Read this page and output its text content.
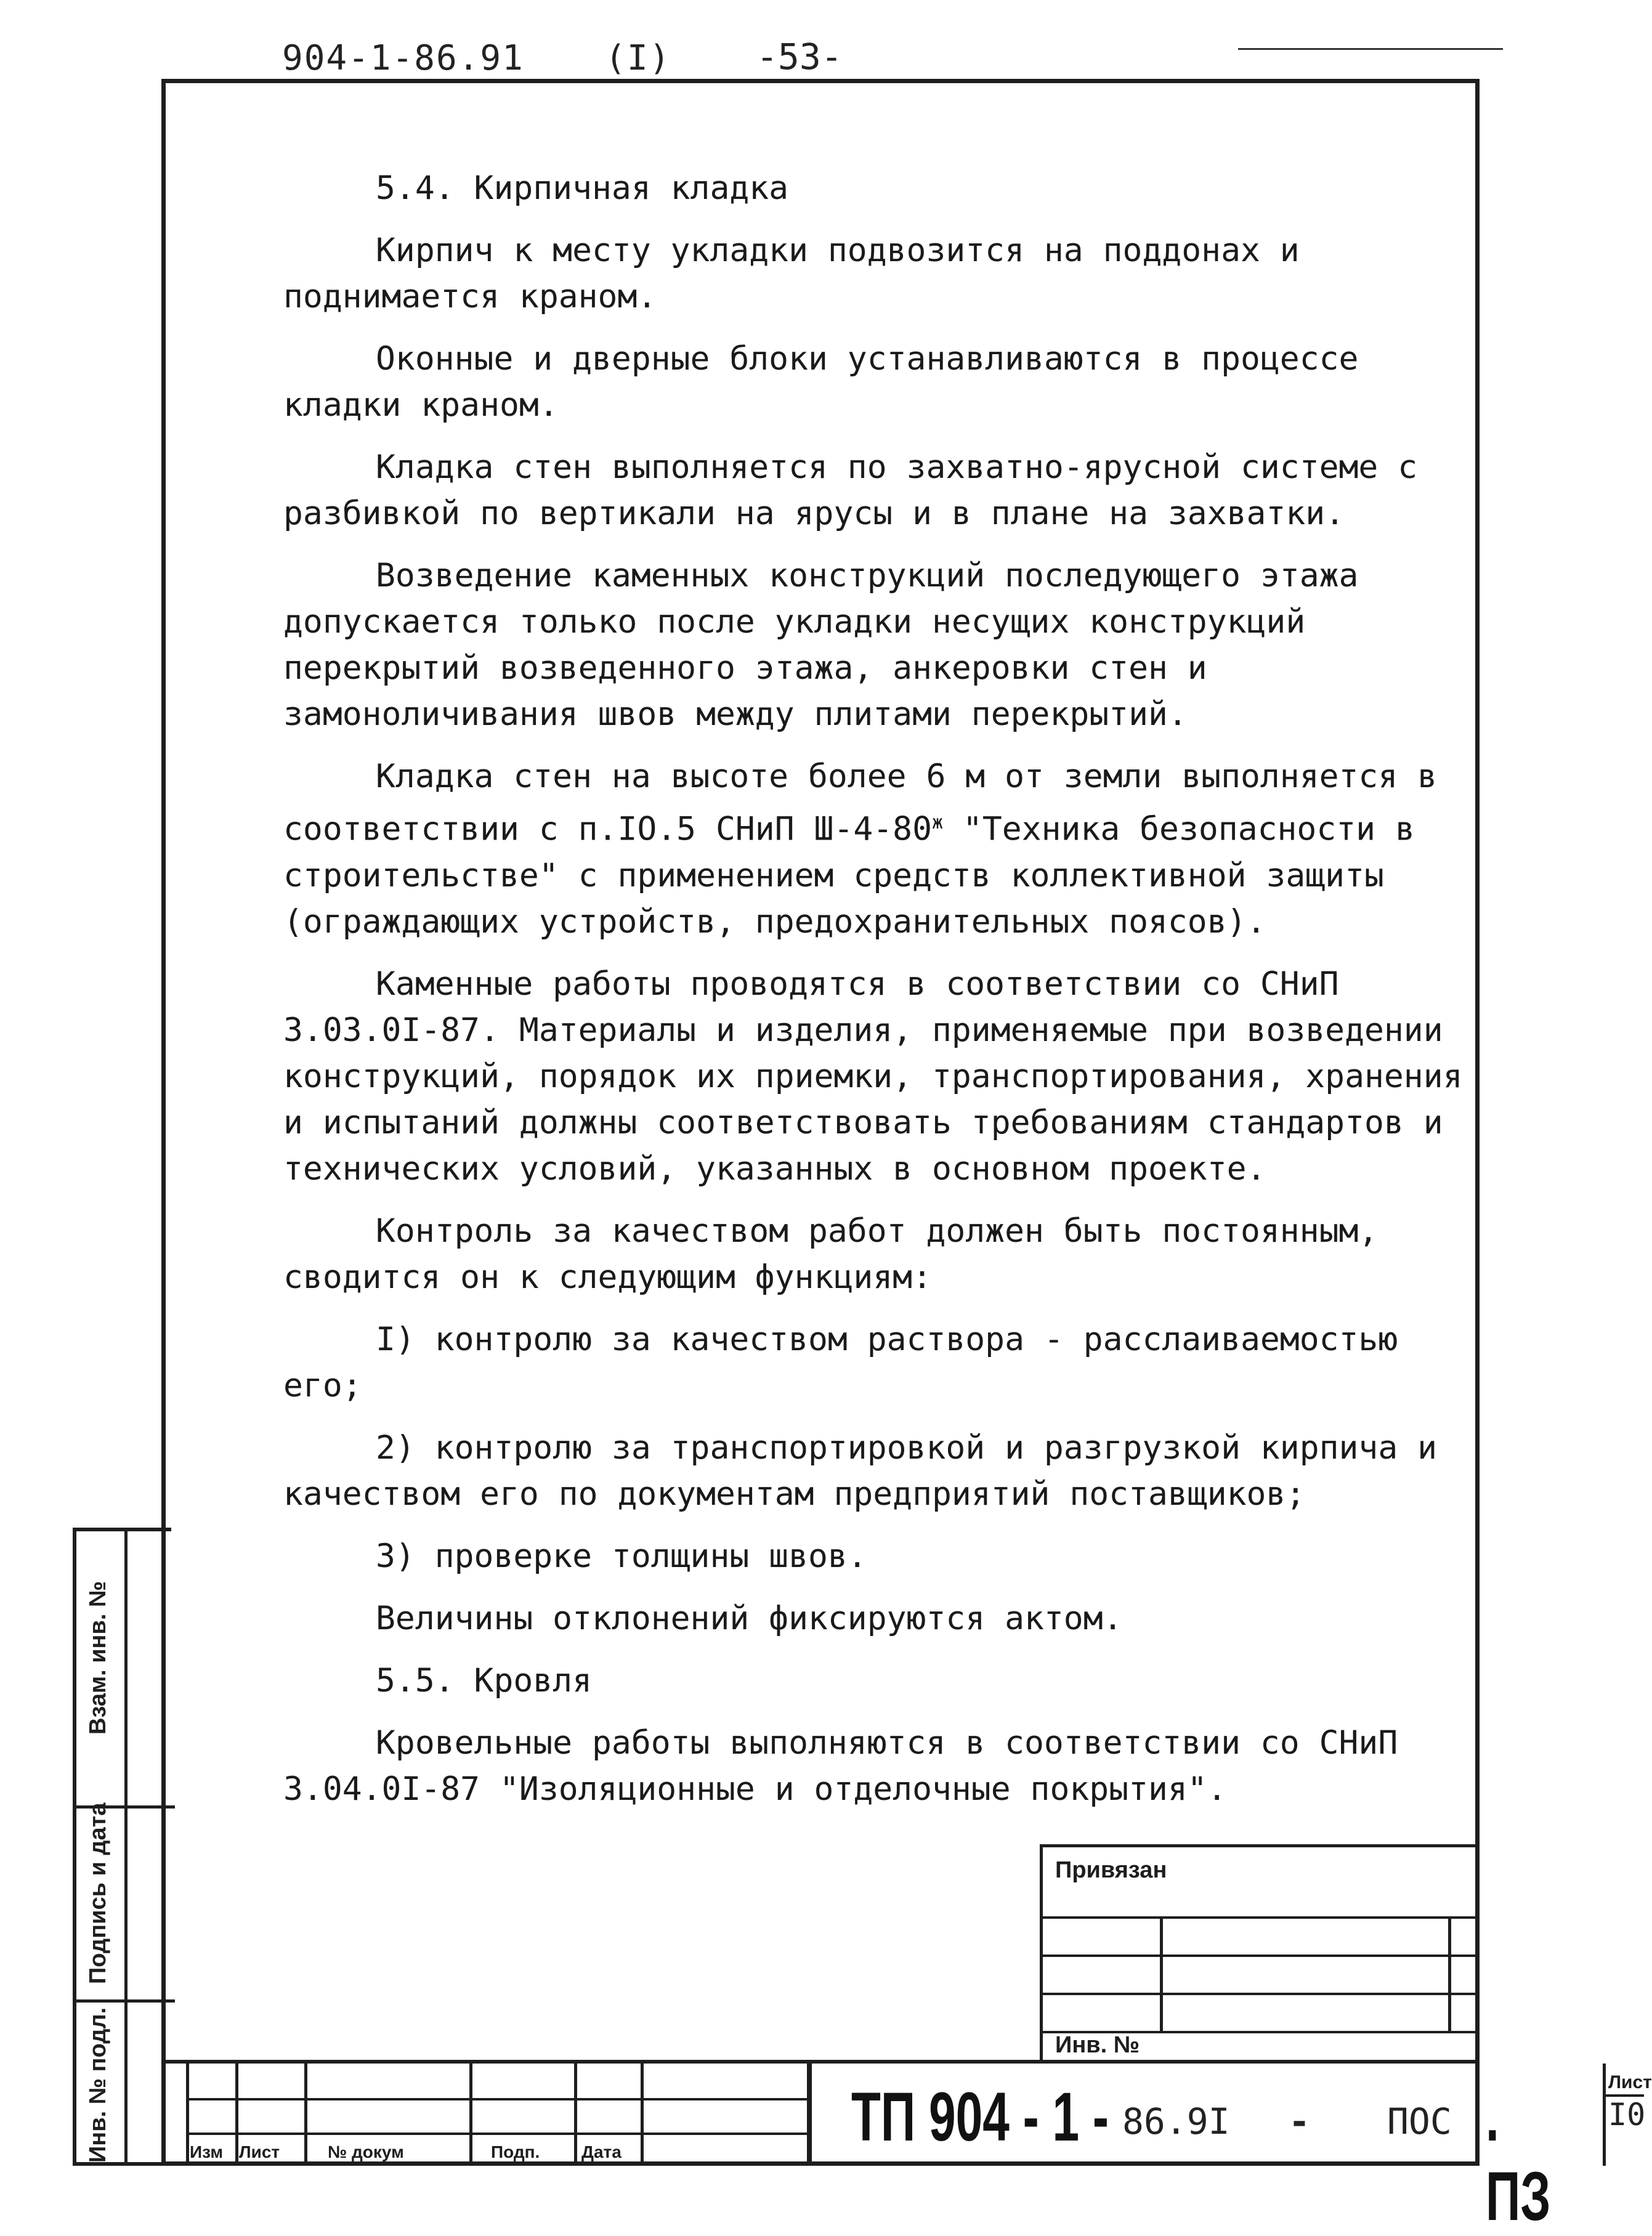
904-1-86.91 (I) -53-

5.4. Кирпичная кладка

Кирпич к месту укладки подвозится на поддонах и поднимается краном.

Оконные и дверные блоки устанавливаются в процессе кладки краном.

Кладка стен выполняется по захватно-ярусной системе с разбивкой по вертикали на ярусы и в плане на захватки.

Возведение каменных конструкций последующего этажа допускается только после укладки несущих конструкций перекрытий возведенного этажа, анкеровки стен и замоноличивания швов между плитами перекрытий.

Кладка стен на высоте более 6 м от земли выполняется в соответствии с п.IO.5 СНиП $Ш-4-80^ж$ "Техника безопасности в строительстве" с применением средств коллективной защиты (ограждающих устройств, предохранительных поясов).

Каменные работы проводятся в соответствии со СНиП 3.03.0I-87. Материалы и изделия, применяемые при возведении конструкций, порядок их приемки, транспортирования, хранения и испытаний должны соответствовать требованиям стандартов и технических условий, указанных в основном проекте.

Контроль за качеством работ должен быть постоянным, сводится он к следующим функциям:

I) контролю за качеством раствора - расслаиваемостью его;

2) контролю за транспортировкой и разгрузкой кирпича и качеством его по документам предприятий поставщиков;

3) проверке толщины швов.

Величины отклонений фиксируются актом.

5.5. Кровля

Кровельные работы выполняются в соответствии со СНиП 3.04.0I-87 "Изоляционные и отделочные покрытия".

Взам. инв. №
Подпись и дата
Инв. № подл.
Привязан
Инв. №
Изм Лист	№ докум	Подп. Дата	ТП 904 - 1 - 86.9I - ПОС . ПЗ
Лист
I0
